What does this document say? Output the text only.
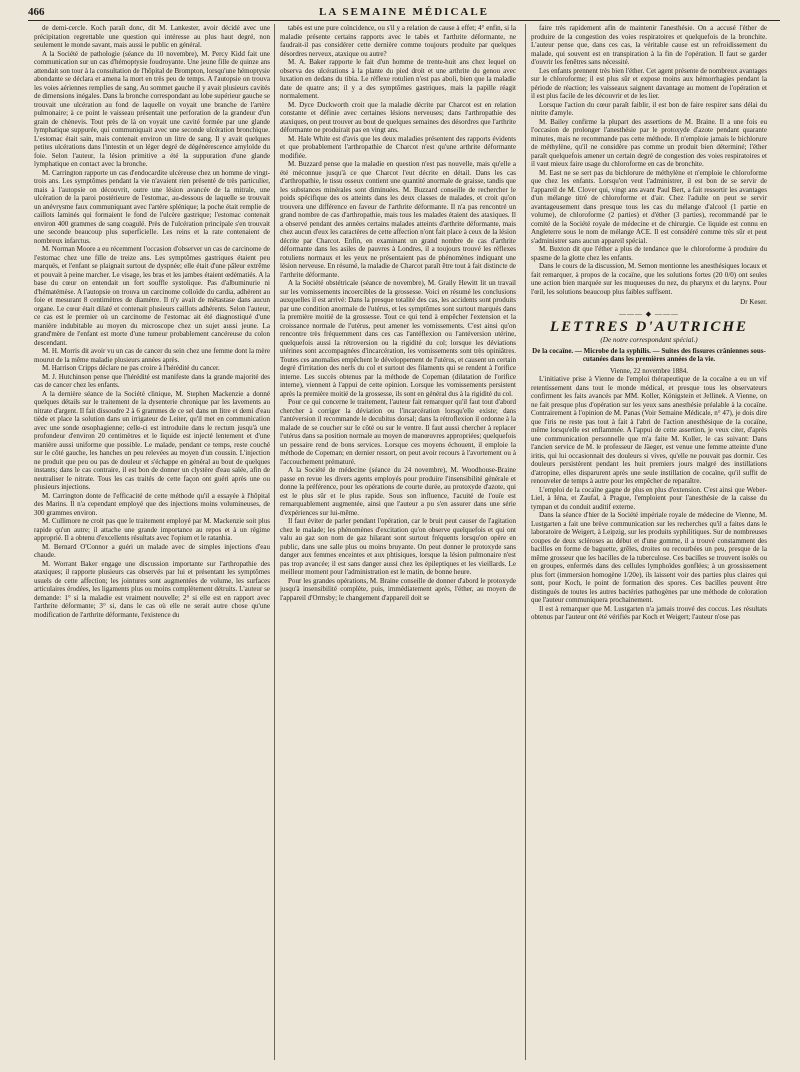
466	LA SEMAINE MÉDICALE

de demi-cercle. Koch paraît donc, dit M. Lankester, avoir décidé avec une précipitation regrettable une question qui intéresse au plus haut degré, non seulement le monde savant, mais aussi le public en général.

A la Société de pathologie (séance du 10 novembre), M. Percy Kidd fait une communication sur un cas d'hémoptysie foudroyante. Une jeune fille de quinze ans attendait son tour à la consultation de l'hôpital de Brompton, lorsqu'une hémoptysie abondante se déclara et amena la mort en très peu de temps. A l'autopsie on trouva les voies aériennes remplies de sang. Au sommet gauche il y avait plusieurs cavités de dimensions inégales. Dans la bronche correspondant au lobe supérieur gauche se trouvait une ulcération au fond de laquelle on voyait une branche de l'artère pulmonaire; à ce point le vaisseau présentait une perforation de la grandeur d'un grain de chènevis. Tout près de là on voyait une cavité formée par une glande lymphatique suppurée, qui communiquait avec une seconde ulcération bronchique. L'estomac était sain, mais contenait environ un litre de sang. Il y avait quelques petites ulcérations dans l'intestin et un léger degré de dégénérescence amyloïde du foie. Selon l'auteur, la lésion primitive a été la suppuration d'une glande lymphatique en contact avec la bronche.

M. Carrington rapporte un cas d'endocardite ulcéreuse chez un homme de vingt-trois ans. Les symptômes pendant la vie n'avaient rien présenté de très particulier, mais à l'autopsie on découvrit, outre une lésion avancée de la mitrale, une ulcération de la paroi postérieure de l'estomac, au-dessous de laquelle se trouvait un anévrysme faux communiquant avec l'artère splénique; la poche était remplie de caillots laminés qui formaient le fond de l'ulcère gastrique; l'estomac contenait environ 400 grammes de sang coagulé. Près de l'ulcération principale s'en trouvait une seconde beaucoup plus superficielle. Les reins et la rate contenaient de nombreux infarctus.

M. Norman Moore a eu récemment l'occasion d'observer un cas de carcinome de l'estomac chez une fille de treize ans. Les symptômes gastriques étaient peu marqués, et l'enfant se plaignait surtout de dyspnée; elle était d'une pâleur extrême et pouvait à peine marcher. Le visage, les bras et les jambes étaient œdématiés. A la base du cœur on entendait un fort souffle systolique. Pas d'albuminurie ni d'hématémèse. A l'autopsie on trouva un carcinome colloïde du cardia, adhérent au foie et mesurant 8 centimètres de diamètre. Il n'y avait de métastase dans aucun organe. Le cœur était dilaté et contenait plusieurs caillots adhérents. Selon l'auteur, ce cas est le premier où un carcinome de l'estomac ait été diagnostiqué d'une manière indubitable au moyen du microscope chez un sujet aussi jeune. La grand'mère de l'enfant est morte d'une tumeur probablement cancéreuse du colon descendant.

M. H. Morris dit avoir vu un cas de cancer du sein chez une femme dont la mère mourut de la même maladie plusieurs années après.

M. Harrison Cripps déclare ne pas croire à l'hérédité du cancer.

M. J. Hutchinson pense que l'hérédité est manifeste dans la grande majorité des cas de cancer chez les enfants.

A la dernière séance de la Société clinique, M. Stephen Mackenzie a donné quelques détails sur le traitement de la dysenterie chronique par les lavements au nitrate d'argent. Il fait dissoudre 2 à 6 grammes de ce sel dans un litre et demi d'eau tiède et place la solution dans un irrigateur de Leiter, qu'il met en communication avec une sonde œsophagienne; celle-ci est introduite dans le rectum jusqu'à une profondeur d'environ 20 centimètres et le liquide est injecté lentement et d'une manière aussi uniforme que possible. Le malade, pendant ce temps, reste couché sur le côté gauche, les hanches un peu relevées au moyen d'un coussin. L'injection ne produit que peu ou pas de douleur et s'échappe en général au bout de quelques instants; dans le cas contraire, il est bon de donner un clystère d'eau salée, afin de neutraliser le nitrate. Tous les cas traités de cette façon ont guéri après une ou plusieurs injections.

M. Carrington donte de l'efficacité de cette méthode qu'il a essayée à l'hôpital des Marins. Il n'a cependant employé que des injections moins volumineuses, de 300 grammes environ.

M. Cullimore ne croit pas que le traitement employé par M. Mackenzie soit plus rapide qu'un autre; il attache une grande importance au repos et à un régime approprié. Il a obtenu d'excellents résultats avec l'opium et le ratanhia.

M. Bernard O'Connor a guéri un malade avec de simples injections d'eau chaude.

M. Worrant Baker engage une discussion importante sur l'arthropathie des ataxiques; il rapporte plusieurs cas observés par lui et présentant les symptômes usuels de cette affection; les jointures sont augmentées de volume, les surfaces articulaires érodées, les ligaments plus ou moins complètement détruits. L'auteur se demande: 1° si la maladie est vraiment nouvelle; 2° si elle est en rapport avec l'arthrite déformante; 3° si, dans le cas où elle ne serait autre chose qu'une modification de l'arthrite déformante, l'existence du

tabès est une pure coïncidence, ou s'il y a relation de cause à effet; 4° enfin, si la maladie présente certains rapports avec le tabès et l'arthrite déformante, ne faudrait-il pas considérer cette dernière comme toujours produite par quelques désordres nerveux, ataxique ou autre?

M. A. Baker rapporte le fait d'un homme de trente-huit ans chez lequel on observa des ulcérations à la plante du pied droit et une arthrite du genou avec luxation en dedans du tibia. Le réflexe rotulien n'est pas aboli, bien que la maladie date de quatre ans; il y a des symptômes gastriques, mais la papille réagit normalement.

M. Dyce Duckworth croit que la maladie décrite par Charcot est en relation constante et définie avec certaines lésions nerveuses; dans l'arthropathie des ataxiques, on peut trouver au bout de quelques semaines des désordres que l'arthrite déformante ne produirait pas en vingt ans.

M. Hale White est d'avis que les deux maladies présentent des rapports évidents et que probablement l'arthropathie de Charcot n'est qu'une arthrite déformante modifiée.

M. Buzzard pense que la maladie en question n'est pas nouvelle, mais qu'elle a été méconnue jusqu'à ce que Charcot l'eut décrite en détail. Dans les cas d'arthropathie, le tissu osseux contient une quantité anormale de graisse, tandis que les substances minérales sont diminuées. M. Buzzard conseille de rechercher le poids spécifique des os atteints dans les deux classes de malades, et croit qu'on trouvera une différence en faveur de l'arthrite déformante. Il n'a pas rencontré un grand nombre de cas d'arthropathie, mais tous les malades étaient des ataxiques. Il a observé pendant des années certains malades atteints d'arthrite déformante, mais chez aucun d'eux les caractères de cette affection n'ont fait place à ceux de la lésion décrite par Charcot. Enfin, en examinant un grand nombre de cas d'arthrite déformante dans les asiles de pauvres à Londres, il a toujours trouvé les réflexes rotuliens normaux et les yeux ne présentaient pas de phénomènes indiquant une lésion nerveuse. En résumé, la maladie de Charcot paraît être tout à fait distincte de l'arthrite déformante.

A la Société obstétricale (séance de novembre), M. Graily Hewitt lit un travail sur les vomissements incoercibles de la grossesse. Voici en résumé les conclusions auxquelles il est arrivé: Dans la presque totalité des cas, les accidents sont produits par une condition anormale de l'utérus, et les symptômes sont surtout marqués dans la première moitié de la grossesse. Tout ce qui tend à empêcher l'extension et la croissance normale de l'utérus, peut amener les vomissements. C'est ainsi qu'on rencontre très fréquemment dans ces cas l'antéflexion ou l'antéversion utérine, quelquefois aussi la rétroversion ou la rigidité du col; lorsque les déviations utérines sont accompagnées d'incarcération, les vomissements sont très opiniâtres. Toutes ces anomalies empêchent le développement de l'utérus, et causent un certain degré d'irritation des nerfs du col et surtout des filaments qui se rendent à l'orifice interne. Les succès obtenus par la méthode de Copeman (dilatation de l'orifice interne), viennent à l'appui de cette opinion. Lorsque les vomissements persistent après la première moitié de la grossesse, ils sont en général dus à la rigidité du col.

Pour ce qui concerne le traitement, l'auteur fait remarquer qu'il faut tout d'abord chercher à corriger la déviation ou l'incarcération lorsqu'elle existe; dans l'antéversion il recommande le decubitus dorsal; dans la rétroflexion il ordonne à la malade de se coucher sur le côté ou sur le ventre. Il faut aussi chercher à replacer l'utérus dans sa position normale au moyen de manœuvres appropriées; quelquefois un pessaire rend de bons services. Lorsque ces moyens échouent, il emploie la méthode de Copeman; en dernier ressort, on peut avoir recours à l'avortement ou à l'accouchement prématuré.

A la Société de médecine (séance du 24 novembre), M. Woodhouse-Braine passe en revue les divers agents employés pour produire l'insensibilité générale et donne la préférence, pour les opérations de courte durée, au protoxyde d'azote, qui est le plus sûr et le plus rapide. Sous son influence, l'acuité de l'ouïe est remarquablement augmentée, ainsi que l'auteur a pu s'en assurer dans une série d'expériences sur lui-même.

Il faut éviter de parler pendant l'opération, car le bruit peut causer de l'agitation chez le malade; les phénomènes d'excitation qu'on observe quelquefois et qui ont valu au gaz son nom de gaz hilarant sont surtout fréquents lorsqu'on opère en public, dans une salle plus ou moins bruyante. On peut donner le protoxyde sans danger aux femmes enceintes et aux phtisiques, lorsque la lésion pulmonaire n'est pas trop avancée; il est sans danger aussi chez les épileptiques et les vieillards. Le meilleur moment pour l'administration est le matin, de bonne heure.

Pour les grandes opérations, M. Braine conseille de donner d'abord le protoxyde jusqu'à insensibilité complète, puis, immédiatement après, l'éther, au moyen de l'appareil d'Ormsby; le changement d'appareil doit se

faire très rapidement afin de maintenir l'anesthésie. On a accusé l'éther de produire de la congestion des voies respiratoires et quelquefois de la bronchite. L'auteur pense que, dans ces cas, la véritable cause est un refroidissement du malade, qui souvent est en transpiration à la fin de l'opération. Il faut se garder d'ouvrir les fenêtres sans nécessité.

Les enfants prennent très bien l'éther. Cet agent présente de nombreux avantages sur le chloroforme; il est plus sûr et expose moins aux hémorrhagies pendant la période de réaction; les vaisseaux saignent davantage au moment de l'opération et il est plus facile de les découvrir et de les lier.

Lorsque l'action du cœur paraît faiblir, il est bon de faire respirer sans délai du nitrite d'amyle.

M. Bailey confirme la plupart des assertions de M. Braine. Il a une fois eu l'occasion de prolonger l'anesthésie par le protoxyde d'azote pendant quarante minutes, mais ne recommande pas cette méthode. Il n'emploie jamais le bichlorure de méthylène, qu'il ne considère pas comme un produit bien déterminé; l'éther paraît quelquefois amener un certain degré de congestion des voies respiratoires et il vaut mieux faire usage du chloroforme en cas de bronchite.

M. East ne se sert pas du bichlorure de méthylène et n'emploie le chloroforme que chez les enfants. Lorsqu'on veut l'administrer, il est bon de se servir de l'appareil de M. Clover qui, vingt ans avant Paul Bert, a fait ressortir les avantages d'un mélange titré de chloroforme et d'air. Chez l'adulte on peut se servir avantageusement dans presque tous les cas du mélange d'alcool (1 partie en volume), de chloroforme (2 parties) et d'éther (3 parties), recommandé par le comité de la Société royale de médecine et de chirurgie. Ce liquide est connu en Angleterre sous le nom de mélange ACE. Il est considéré comme très sûr et peut s'administrer sans aucun appareil spécial.

M. Buxton dit que l'éther a plus de tendance que le chloroforme à produire du spasme de la glotte chez les enfants.

Dans le cours de la discussion, M. Semon mentionne les anesthésiques locaux et fait remarquer, à propos de la cocaïne, que les solutions fortes (20 0/0) ont seules une action bien marquée sur les muqueuses du nez, du pharynx et du larynx. Pour l'œil, les solutions beaucoup plus faibles suffisent.

Dr Keser.
——— ◆ ———
LETTRES D'AUTRICHE
(De notre correspondant spécial.)
De la cocaïne. — Microbe de la syphilis. — Suites des fissures crâniennes sous-cutanées dans les premières années de la vie.

Vienne, 22 novembre 1884.

L'initiative prise à Vienne de l'emploi thérapeutique de la cocaïne a eu un vif retentissement dans tout le monde médical, et presque tous les observateurs confirment les faits avancés par MM. Koller, Königstein et Jellinek. A Vienne, on ne fait presque plus d'opération sur les yeux sans anesthésie préalable à la cocaïne. Contrairement à l'opinion de M. Panas (Voir Semaine Médicale, n° 47), je dois dire que l'iris ne reste pas tout à fait à l'abri de l'action anesthésique de la cocaïne, même lorsqu'elle est enflammée. A l'appui de cette assertion, je veux citer, d'après une communication personnelle que m'a faite M. Koller, le cas suivant: Dans l'ancien service de M. le professeur de Jäeger, est venue une femme atteinte d'une iritis, qui lui occasionnait des douleurs si vives, qu'elle ne pouvait pas dormir. Ces douleurs persistèrent pendant les huit premiers jours malgré des instillations d'atropine, elles disparurent après une seule instillation de cocaïne, qu'il suffit de renouveler de temps à autre pour les empêcher de reparaître.

L'emploi de la cocaïne gagne de plus en plus d'extension. C'est ainsi que Weber-Liel, à Iéna, et Zaufal, à Prague, l'emploient pour l'anesthésie de la caisse du tympan et du conduit auditif externe.

Dans la séance d'hier de la Société impériale royale de médecine de Vienne, M. Lustgarten a fait une brève communication sur les recherches qu'il a faites dans le laboratoire de Weigert, à Leipzig, sur les produits syphilitiques. Sur de nombreuses coupes de deux scléroses au début et d'une gomme, il a trouvé constamment des bacilles en forme de baguette, grêles, droites ou recourbées un peu, presque de la même grosseur que les bacilles de la tuberculose. Ces bacilles se trouvent isolés ou en groupes, enfermés dans des cellules lymphoïdes gonflées; à un grossissement plus fort (immersion homogène 1/20e), ils laissent voir des parties plus claires qui sont, pour Koch, le point de formation des spores. Ces bacilles peuvent être distingués de toutes les autres bactéries pathogènes par une méthode de coloration que l'auteur communiquera prochainement.

Il est à remarquer que M. Lustgarten n'a jamais trouvé des coccus. Les résultats obtenus par l'auteur ont été vérifiés par Koch et Weigert; l'auteur n'ose pas
